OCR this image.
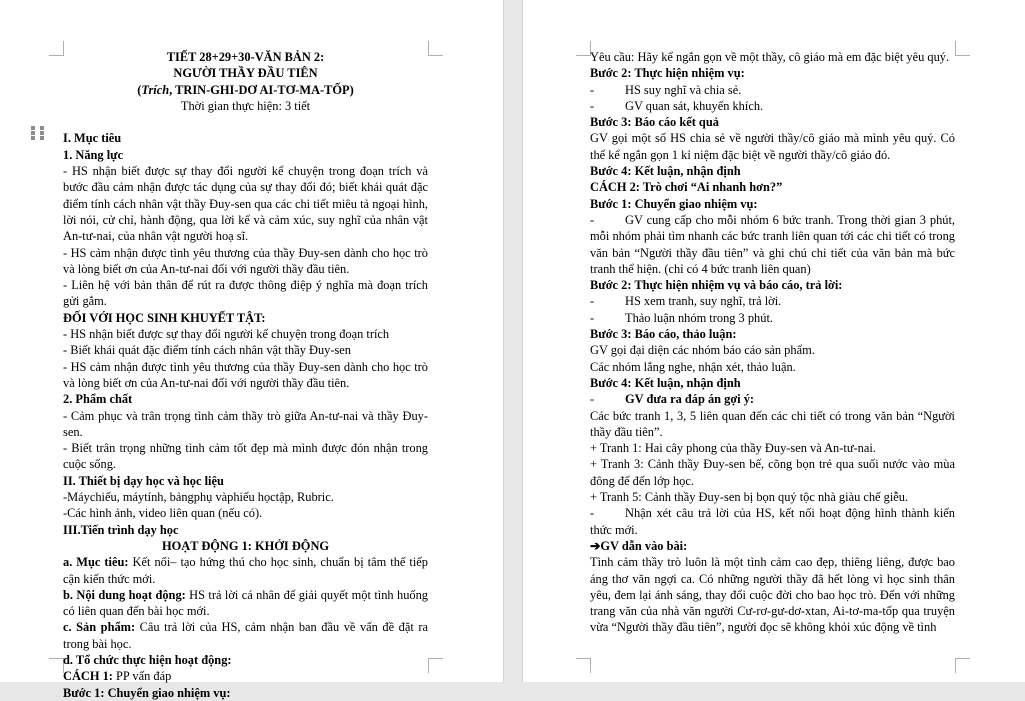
TIẾT 28+29+30-VĂN BẢN 2:

NGƯỜI THẦY ĐẦU TIÊN

(Trích, TRIN-GHI-DƠ AI-TƠ-MA-TỐP)

Thời gian thực hiện: 3 tiết

I. Mục tiêu

1. Năng lực

- HS nhận biết được sự thay đổi người kể chuyện trong đoạn trích và bước đầu cảm nhận được tác dụng của sự thay đổi đó; biết khái quát đặc điểm tính cách nhân vật thầy Đuy-sen qua các chi tiết miêu tả ngoại hình, lời nói, cử chỉ, hành động, qua lời kể và cảm xúc, suy nghĩ của nhân vật An-tư-nai, của nhân vật người hoạ sĩ.

- HS cảm nhận được tình yêu thương của thầy Đuy-sen dành cho học trò và lòng biết ơn của An-tư-nai đối với người thầy đầu tiên.

- Liên hệ với bản thân để rút ra được thông điệp ý nghĩa mà đoạn trích gửi gắm.

ĐỐI VỚI HỌC SINH KHUYẾT TẬT:

- HS nhận biết được sự thay đổi người kể chuyện trong đoạn trích

- Biết khái quát đặc điểm tính cách nhân vật thầy Đuy-sen

- HS cảm nhận được tình yêu thương của thầy Đuy-sen dành cho học trò và lòng biết ơn của An-tư-nai đối với người thầy đầu tiên.

2. Phẩm chất

- Cảm phục và trân trọng tình cảm thầy trò giữa An-tư-nai và thầy Đuy-sen.

- Biết trân trọng những tình cảm tốt đẹp mà mình được đón nhận trong cuộc sống.

II. Thiết bị dạy học và học liệu

-Máychiếu, máytính, bảngphụ vàphiếu họctập, Rubric.

-Các hình ảnh, video liên quan (nếu có).

III.Tiến trình dạy học

HOẠT ĐỘNG 1: KHỞI ĐỘNG

a. Mục tiêu: Kết nối– tạo hứng thú cho học sinh, chuẩn bị tâm thế tiếp cận kiến thức mới.

b. Nội dung hoạt động: HS trả lời cá nhân để giải quyết một tình huống có liên quan đến bài học mới.

c. Sản phẩm: Câu trả lời của HS, cảm nhận ban đầu về vấn đề đặt ra trong bài học.

d. Tổ chức thực hiện hoạt động:

CÁCH 1: PP vấn đáp

Bước 1: Chuyển giao nhiệm vụ:

Yêu cầu: Hãy kể ngắn gọn về một thầy, cô giáo mà em đặc biệt yêu quý.

Bước 2: Thực hiện nhiệm vụ:

- HS suy nghĩ và chia sẻ.

- GV quan sát, khuyến khích.

Bước 3: Báo cáo kết quả

GV gọi một số HS chia sẻ về người thầy/cô giáo mà mình yêu quý. Có thể kể ngắn gọn 1 kỉ niệm đặc biệt về người thầy/cô giáo đó.

Bước 4: Kết luận, nhận định

CÁCH 2: Trò chơi “Ai nhanh hơn?”

Bước 1: Chuyển giao nhiệm vụ:

- GV cung cấp cho mỗi nhóm 6 bức tranh. Trong thời gian 3 phút, mỗi nhóm phải tìm nhanh các bức tranh liên quan tới các chi tiết có trong văn bản “Người thầy đầu tiên” và ghi chú chi tiết của văn bản mà bức tranh thể hiện. (chỉ có 4 bức tranh liên quan)

Bước 2: Thực hiện nhiệm vụ và báo cáo, trả lời:

- HS xem tranh, suy nghĩ, trả lời.

- Thảo luận nhóm trong 3 phút.

Bước 3: Báo cáo, thảo luận:

GV gọi đại diện các nhóm báo cáo sản phẩm.

Các nhóm lắng nghe, nhận xét, thảo luận.

Bước 4: Kết luận, nhận định

- GV đưa ra đáp án gợi ý:

Các bức tranh 1, 3, 5 liên quan đến các chi tiết có trong văn bản “Người thầy đầu tiên”.

+ Tranh 1: Hai cây phong của thầy Đuy-sen và An-tư-nai.

+ Tranh 3: Cảnh thầy Đuy-sen bế, cõng bọn trẻ qua suối nước vào mùa đông để đến lớp học.

+ Tranh 5: Cảnh thầy Đuy-sen bị bọn quý tộc nhà giàu chế giễu.

- Nhận xét câu trả lời của HS, kết nối hoạt động hình thành kiến thức mới.

➔GV dẫn vào bài:

Tình cảm thầy trò luôn là một tình cảm cao đẹp, thiêng liêng, được bao áng thơ văn ngợi ca. Có những người thầy đã hết lòng vì học sinh thân yêu, đem lại ánh sáng, thay đổi cuộc đời cho bao học trò. Đến với những trang văn của nhà văn người Cư-rơ-gư-dơ-xtan, Ai-tơ-ma-tốp qua truyện vừa “Người thầy đầu tiên”, người đọc sẽ không khỏi xúc động về tình
